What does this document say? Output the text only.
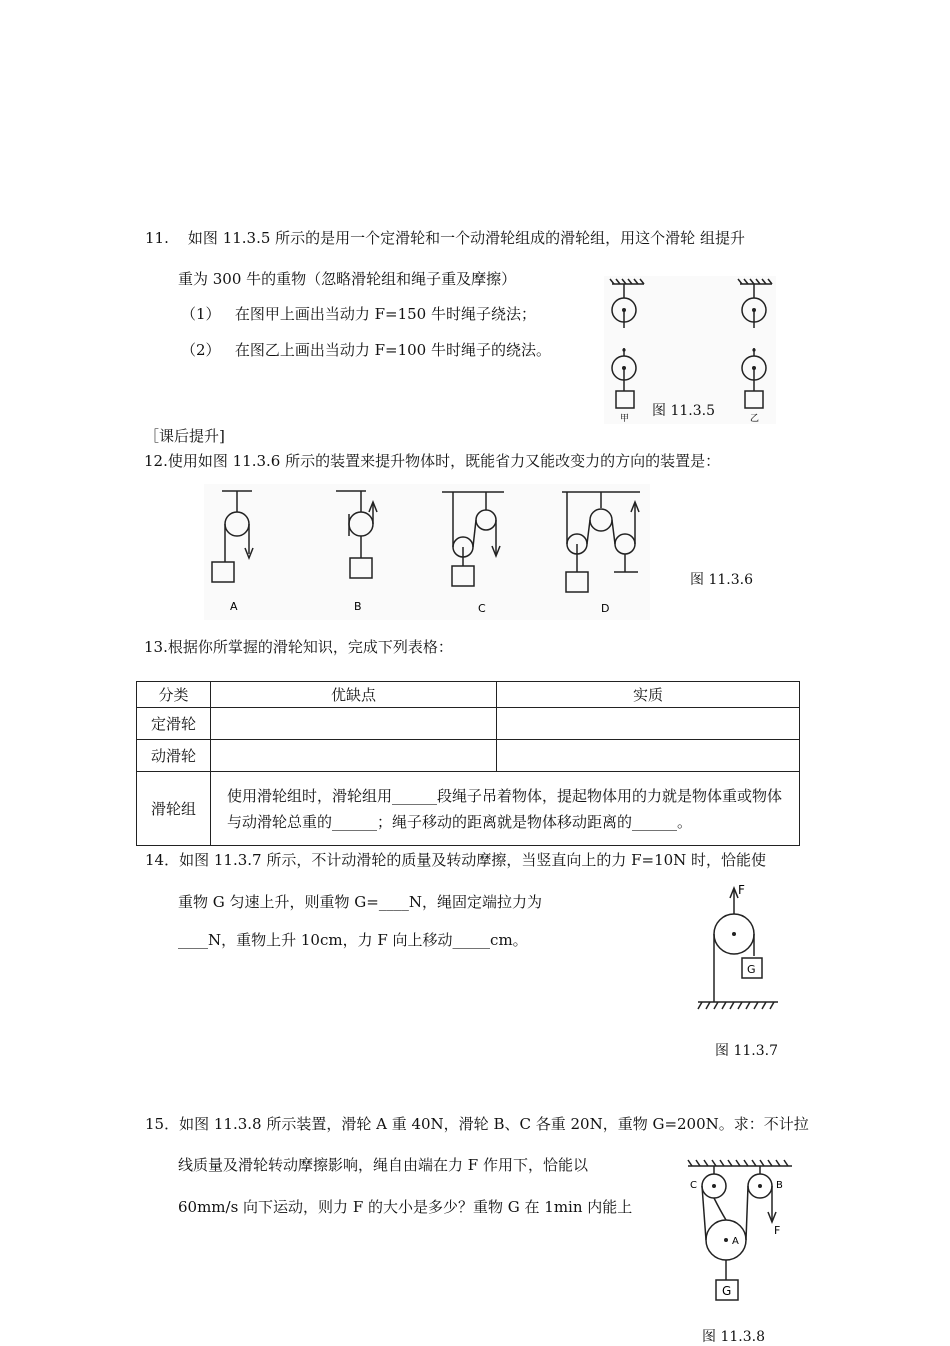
11.    如图 11.3.5 所示的是用一个定滑轮和一个动滑轮组成的滑轮组，用这个滑轮 组提升
重为 300 牛的重物（忽略滑轮组和绳子重及摩擦）
（1）   在图甲上画出当动力 F=150 牛时绳子绕法；
（2）   在图乙上画出当动力 F=100 牛时绳子的绕法。
甲	乙
图 11.3.5
［课后提升]
12.使用如图 11.3.6 所示的装置来提升物体时，既能省力又能改变力的方向的装置是：
A	B	C	D
图 11.3.6
13.根据你所掌握的滑轮知识，完成下列表格：
分类	优缺点	实质
定滑轮		
动滑轮		
滑轮组	使用滑轮组时，滑轮组用______段绳子吊着物体，提起物体用的力就是物体重或物体与动滑轮总重的______；绳子移动的距离就是物体移动距离的______。	
14．如图 11.3.7 所示，不计动滑轮的质量及转动摩擦，当竖直向上的力 F=10N 时，恰能使
重物 G 匀速上升，则重物 G=____N，绳固定端拉力为
____N，重物上升 10cm，力 F 向上移动_____cm。
F
G
图 11.3.7
15．如图 11.3.8 所示装置，滑轮 A 重 40N，滑轮 B、C 各重 20N，重物 G=200N。求：不计拉
线质量及滑轮转动摩擦影响，绳自由端在力 F 作用下，恰能以
60mm/s 向下运动，则力 F 的大小是多少？重物 G 在 1min 内能上
C	B
A
F
G
图 11.3.8
